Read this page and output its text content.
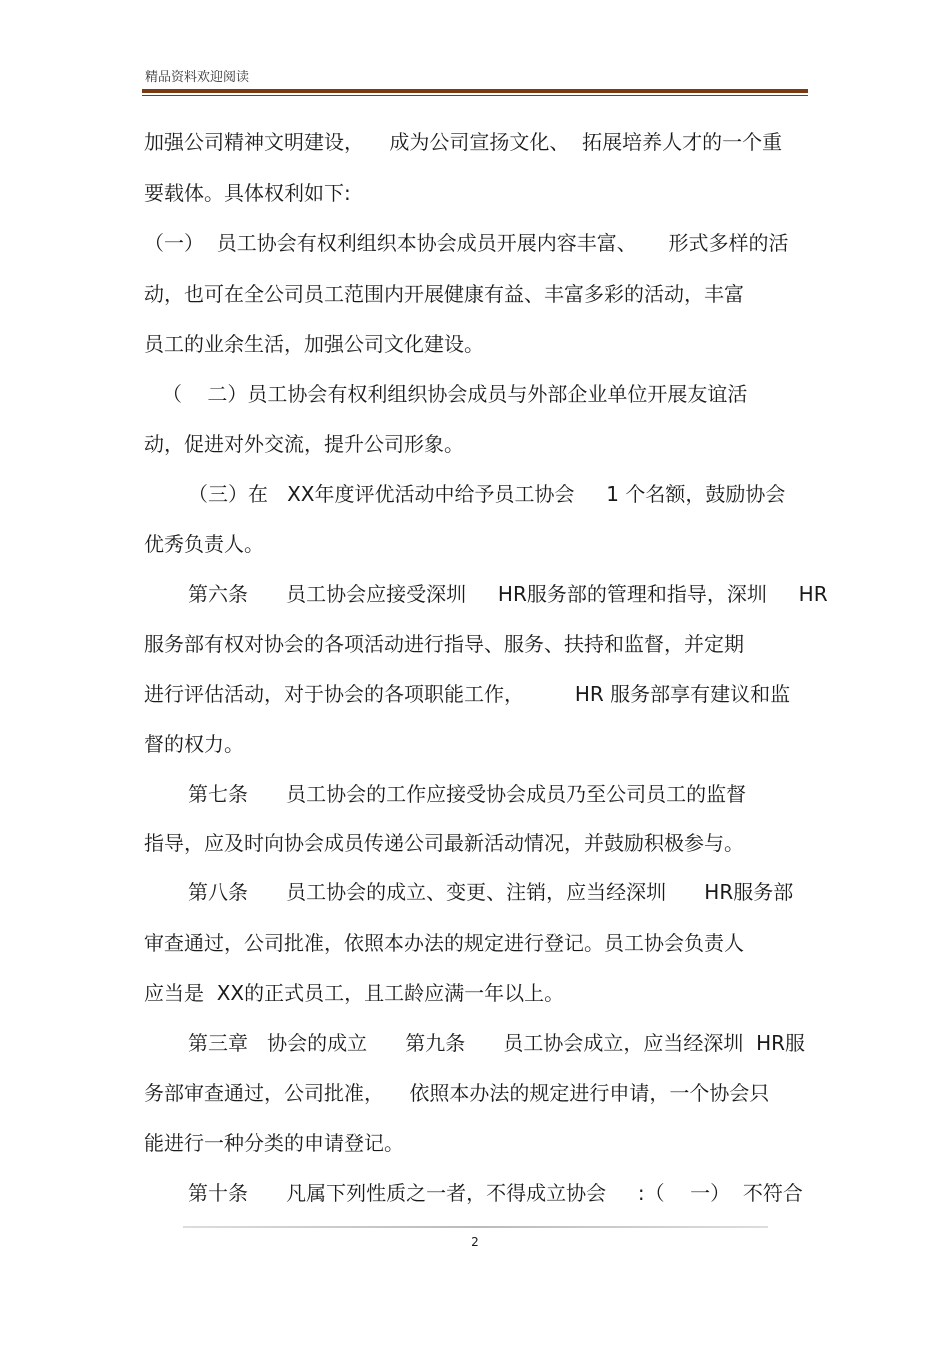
精品资料欢迎阅读
加强公司精神文明建设，    成为公司宣扬文化、  拓展培养人才的一个重
要载体。具体权利如下:
（一）  员工协会有权利组织本协会成员开展内容丰富、     形式多样的活
动，也可在全公司员工范围内开展健康有益、丰富多彩的活动，丰富
员工的业余生活，加强公司文化建设。
（    二）员工协会有权利组织协会成员与外部企业单位开展友谊活
动，促进对外交流，提升公司形象。
（三）在   XX年度评优活动中给予员工协会     1 个名额，鼓励协会
优秀负责人。
第六条      员工协会应接受深圳     HR服务部的管理和指导，深圳     HR
服务部有权对协会的各项活动进行指导、服务、扶持和监督，并定期
进行评估活动，对于协会的各项职能工作，        HR 服务部享有建议和监
督的权力。
第七条      员工协会的工作应接受协会成员乃至公司员工的监督
指导，应及时向协会成员传递公司最新活动情况，并鼓励积极参与。
第八条      员工协会的成立、变更、注销，应当经深圳      HR服务部
审查通过，公司批准，依照本办法的规定进行登记。员工协会负责人
应当是  XX的正式员工，且工龄应满一年以上。
第三章   协会的成立      第九条      员工协会成立，应当经深圳  HR服
务部审查通过，公司批准，    依照本办法的规定进行申请，一个协会只
能进行一种分类的申请登记。
第十条      凡属下列性质之一者，不得成立协会     :（    一）  不符合
2
